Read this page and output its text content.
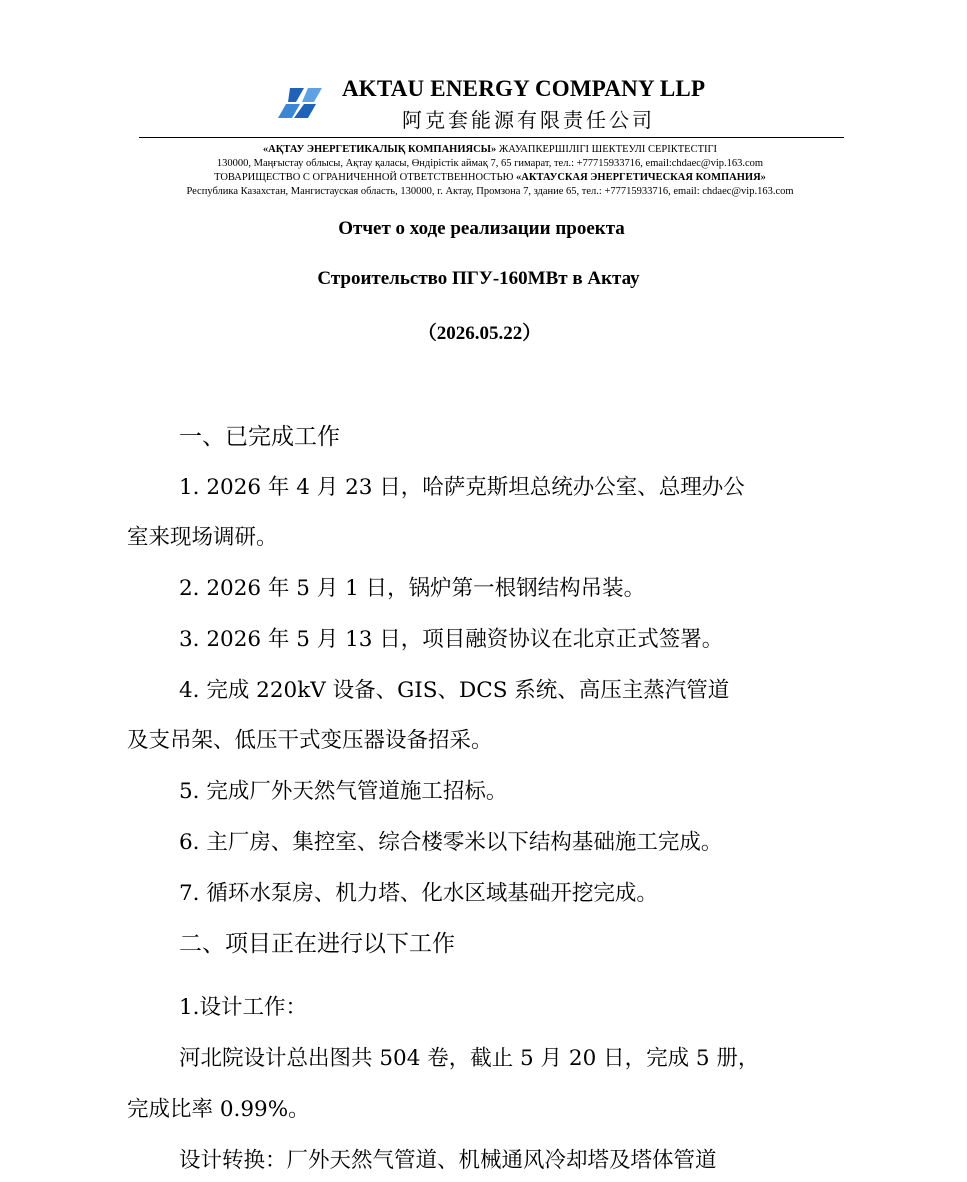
AKTAU ENERGY COMPANY LLP
阿克套能源有限责任公司
«АҚТАУ ЭНЕРГЕТИКАЛЫҚ КОМПАНИЯСЫ» ЖАУАПКЕРШІЛІГІ ШЕКТЕУЛІ СЕРІКТЕСТІГІ
130000, Маңғыстау облысы, Ақтау қаласы, Өндірістік аймақ 7, 65 гимарат, тел.: +77715933716, email:chdaec@vip.163.com
ТОВАРИЩЕСТВО С ОГРАНИЧЕННОЙ ОТВЕТСТВЕННОСТЬЮ «АКТАУСКАЯ ЭНЕРГЕТИЧЕСКАЯ КОМПАНИЯ»
Республика Казахстан, Мангистауская область, 130000, г. Актау, Промзона 7, здание 65, тел.: +77715933716, email: chdaec@vip.163.com
Отчет о ходе реализации проекта
Строительство ПГУ-160МВт в Актау
（2026.05.22）
一、已完成工作
1. 2026 年 4 月 23 日，哈萨克斯坦总统办公室、总理办公
室来现场调研。
2. 2026 年 5 月 1 日，锅炉第一根钢结构吊装。
3. 2026 年 5 月 13 日，项目融资协议在北京正式签署。
4. 完成 220kV 设备、GIS、DCS 系统、高压主蒸汽管道
及支吊架、低压干式变压器设备招采。
5. 完成厂外天然气管道施工招标。
6. 主厂房、集控室、综合楼零米以下结构基础施工完成。
7. 循环水泵房、机力塔、化水区域基础开挖完成。
二、项目正在进行以下工作
1.设计工作：
河北院设计总出图共 504 卷，截止 5 月 20 日，完成 5 册，
完成比率 0.99%。
设计转换：厂外天然气管道、机械通风冷却塔及塔体管道
